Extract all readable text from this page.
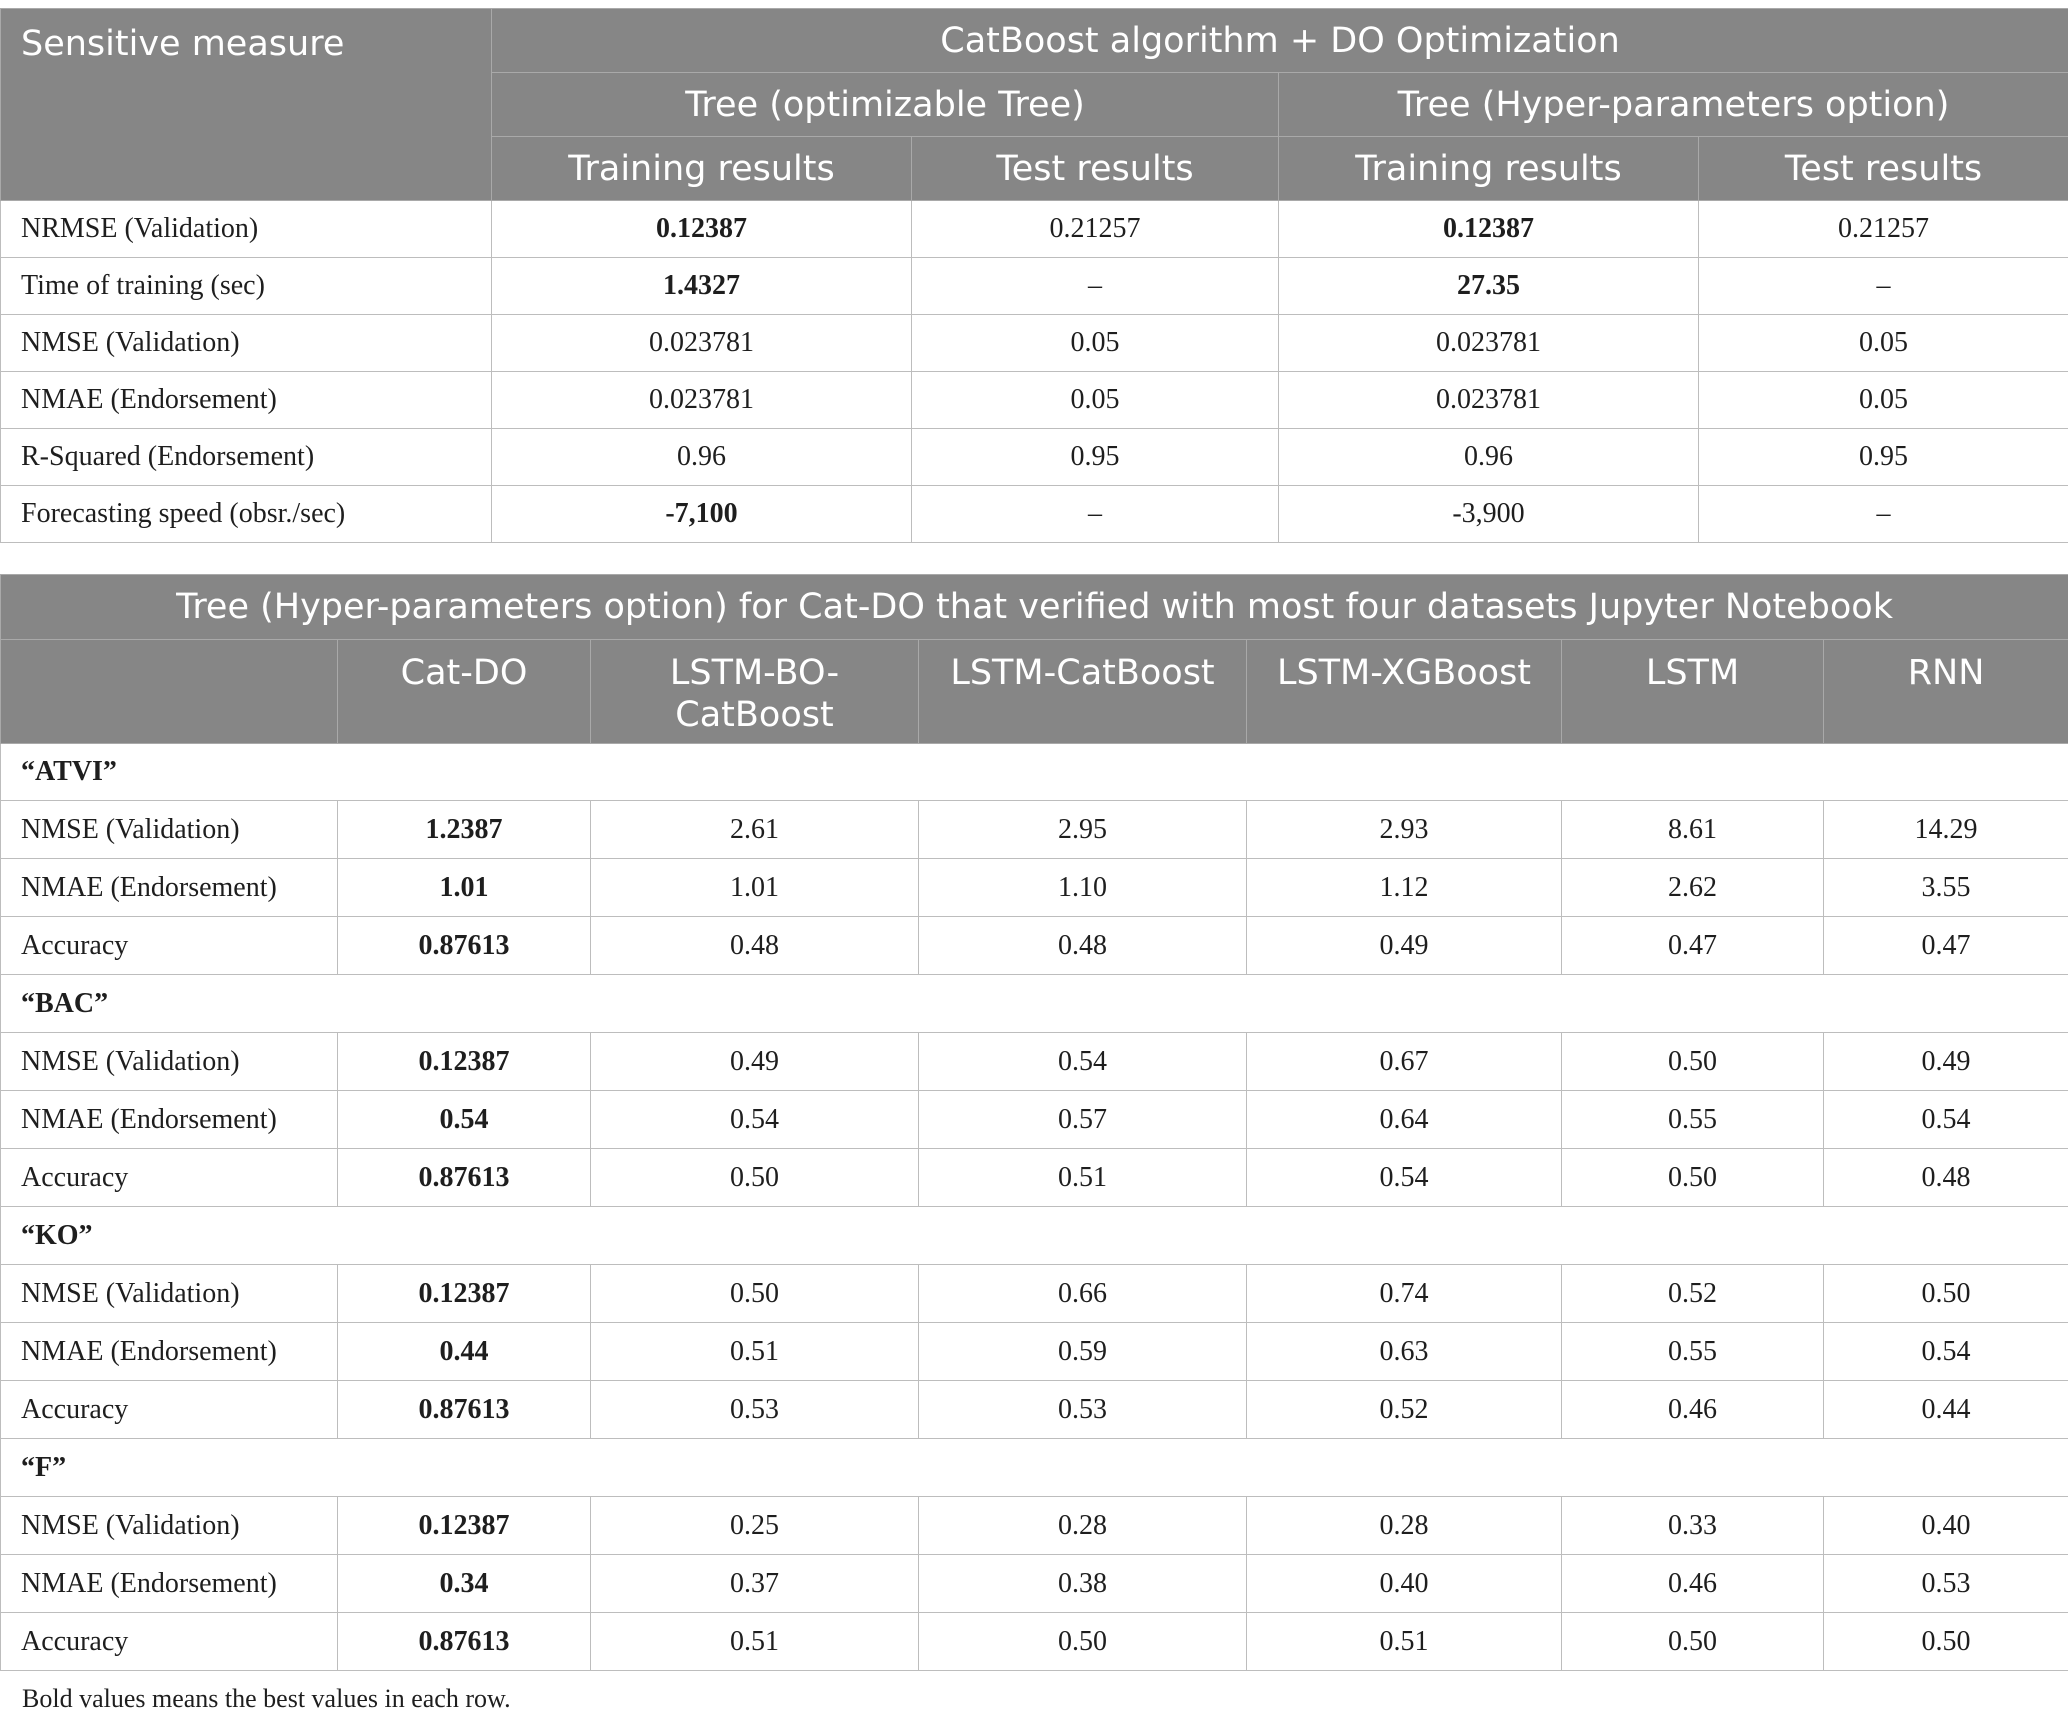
Sensitive measure	CatBoost algorithm + DO Optimization			
	Tree (optimizable Tree)		Tree (Hyper-parameters option)	
	Training results	Test results	Training results	Test results
NRMSE (Validation)	0.12387	0.21257	0.12387	0.21257
Time of training (sec)	1.4327	–	27.35	–
NMSE (Validation)	0.023781	0.05	0.023781	0.05
NMAE (Endorsement)	0.023781	0.05	0.023781	0.05
R-Squared (Endorsement)	0.96	0.95	0.96	0.95
Forecasting speed (obsr./sec)	-7,100	–	-3,900	–
Tree (Hyper-parameters option) for Cat-DO that verified with most four datasets Jupyter Notebook						
	Cat-DO	LSTM-BO-CatBoost	LSTM-CatBoost	LSTM-XGBoost	LSTM	RNN
“ATVI”						
NMSE (Validation)	1.2387	2.61	2.95	2.93	8.61	14.29
NMAE (Endorsement)	1.01	1.01	1.10	1.12	2.62	3.55
Accuracy	0.87613	0.48	0.48	0.49	0.47	0.47
“BAC”						
NMSE (Validation)	0.12387	0.49	0.54	0.67	0.50	0.49
NMAE (Endorsement)	0.54	0.54	0.57	0.64	0.55	0.54
Accuracy	0.87613	0.50	0.51	0.54	0.50	0.48
“KO”						
NMSE (Validation)	0.12387	0.50	0.66	0.74	0.52	0.50
NMAE (Endorsement)	0.44	0.51	0.59	0.63	0.55	0.54
Accuracy	0.87613	0.53	0.53	0.52	0.46	0.44
“F”						
NMSE (Validation)	0.12387	0.25	0.28	0.28	0.33	0.40
NMAE (Endorsement)	0.34	0.37	0.38	0.40	0.46	0.53
Accuracy	0.87613	0.51	0.50	0.51	0.50	0.50
Bold values means the best values in each row.
